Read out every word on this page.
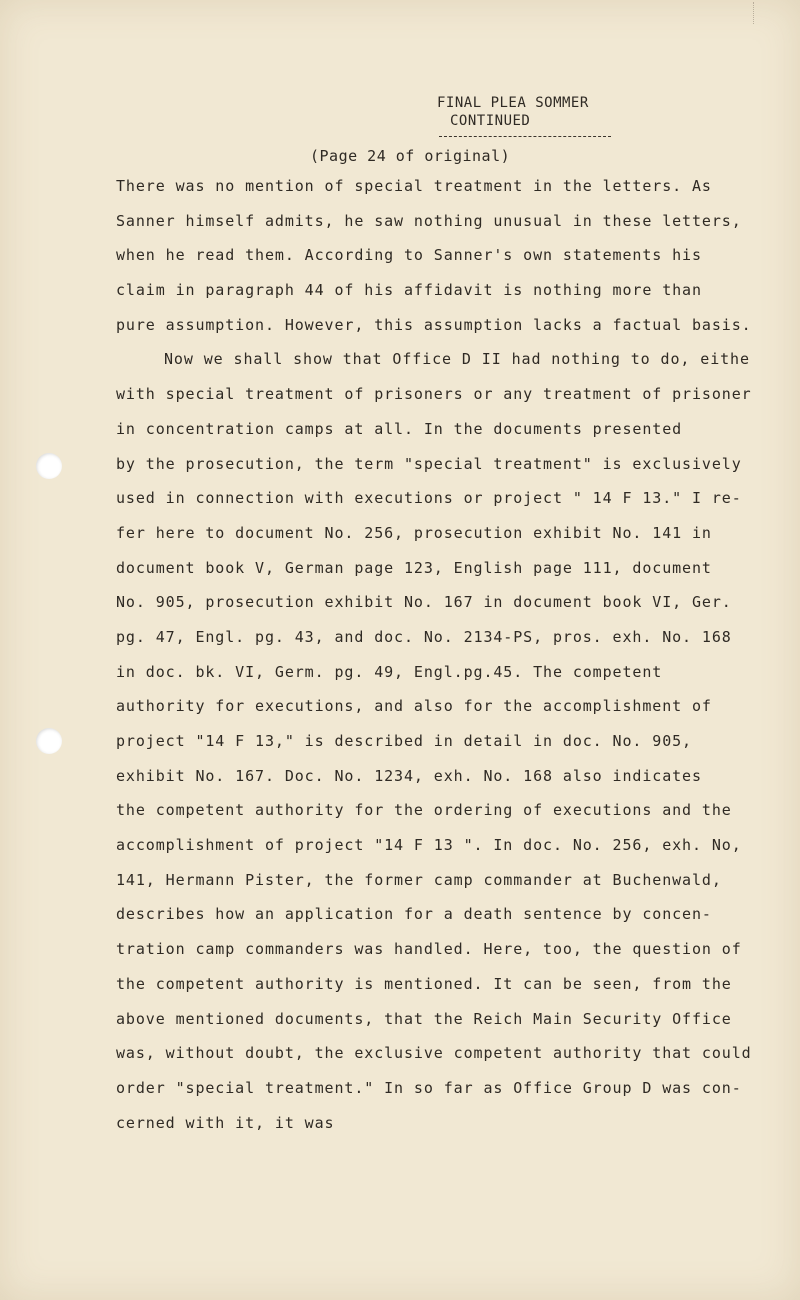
FINAL PLEA SOMMER
CONTINUED
(Page 24 of original)
There was no mention of special treatment in the letters. As
Sanner himself admits, he saw nothing unusual in these letters,
when he read them. According to Sanner's own statements his
claim in paragraph 44 of his affidavit is nothing more than
pure assumption. However, this assumption lacks a factual basis.
Now we shall show that Office D II had nothing to do, eithe
with special treatment of prisoners or any treatment of prisoner
in concentration camps at all. In the documents presented
by the prosecution, the term "special treatment" is exclusively
used in connection with executions or project " 14 F 13." I re-
fer here to document No. 256, prosecution exhibit No. 141 in
document book V, German page 123, English page 111, document
No. 905, prosecution exhibit No. 167 in document book VI, Ger.
pg. 47, Engl. pg. 43, and doc. No. 2134-PS, pros. exh. No. 168
in doc. bk. VI, Germ. pg. 49, Engl.pg.45. The competent
authority for executions, and also for the accomplishment of
project "14 F 13," is described in detail in doc. No. 905,
exhibit No. 167. Doc. No. 1234, exh. No. 168 also indicates
the competent authority for the ordering of executions and the
accomplishment of project "14 F 13 ". In doc. No. 256, exh. No,
141, Hermann Pister, the former camp commander at Buchenwald,
describes how an application for a death sentence by concen-
tration camp commanders was handled. Here, too, the question of
the competent authority is mentioned. It can be seen, from the
above mentioned documents, that the Reich Main Security Office
was, without doubt, the exclusive competent authority that could
order "special treatment." In so far as Office Group D was con-
cerned with it, it was
